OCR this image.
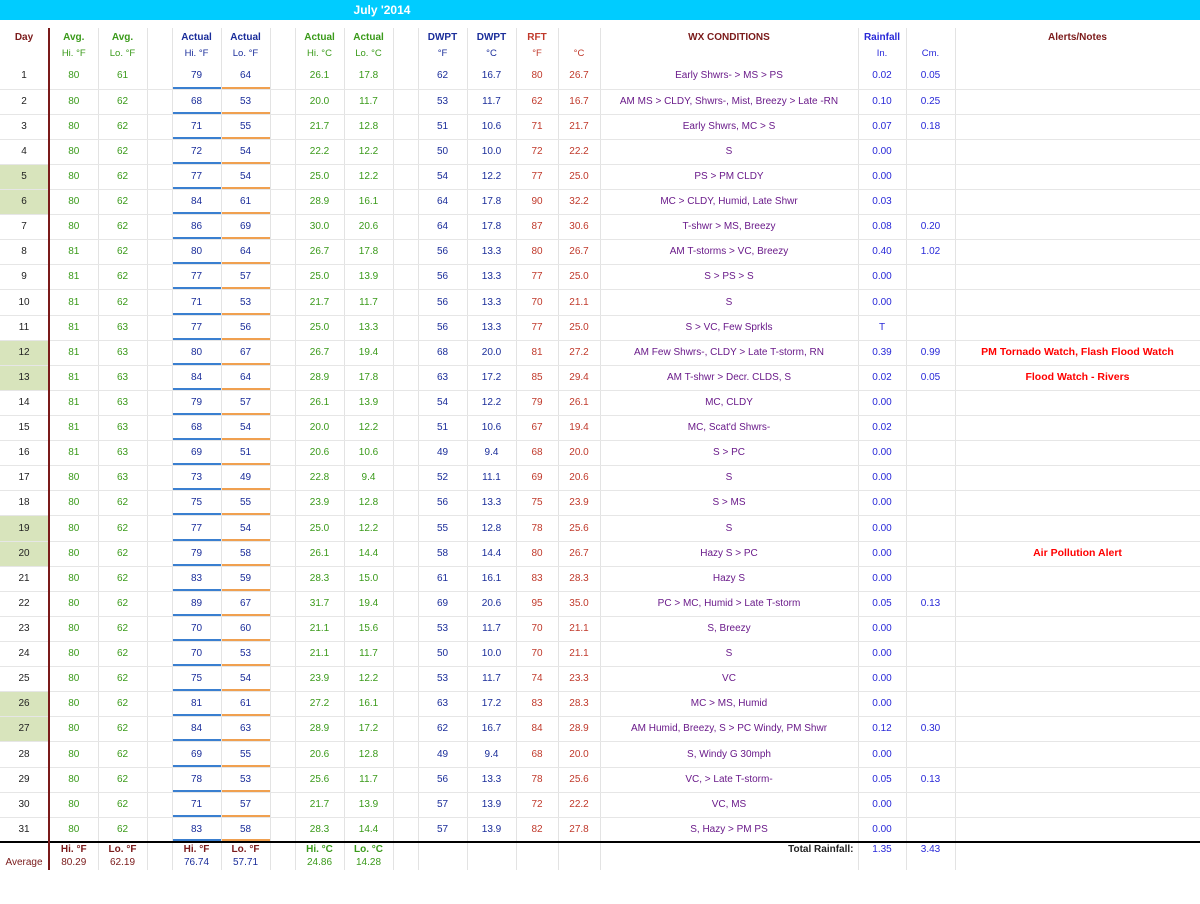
July '2014
Day	Avg.	Avg.		Actual	Actual		Actual	Actual		DWPT	DWPT	RFT		WX CONDITIONS	Rainfall		Alerts/Notes
	Hi. °F	Lo. °F		Hi. °F	Lo. °F		Hi. °C	Lo. °C		°F	°C	°F	°C		In.	Cm.	

1	80	61		79	64		26.1	17.8		62	16.7	80	26.7	Early Shwrs- > MS > PS	0.02	0.05	
2	80	62		68	53		20.0	11.7		53	11.7	62	16.7	AM MS > CLDY, Shwrs-, Mist, Breezy > Late -RN	0.10	0.25	
3	80	62		71	55		21.7	12.8		51	10.6	71	21.7	Early Shwrs, MC > S	0.07	0.18	
4	80	62		72	54		22.2	12.2		50	10.0	72	22.2	S	0.00		
5	80	62		77	54		25.0	12.2		54	12.2	77	25.0	PS > PM CLDY	0.00		
6	80	62		84	61		28.9	16.1		64	17.8	90	32.2	MC > CLDY, Humid, Late Shwr	0.03		
7	80	62		86	69		30.0	20.6		64	17.8	87	30.6	T-shwr > MS, Breezy	0.08	0.20	
8	81	62		80	64		26.7	17.8		56	13.3	80	26.7	AM T-storms > VC, Breezy	0.40	1.02	
9	81	62		77	57		25.0	13.9		56	13.3	77	25.0	S > PS > S	0.00		
10	81	62		71	53		21.7	11.7		56	13.3	70	21.1	S	0.00		
11	81	63		77	56		25.0	13.3		56	13.3	77	25.0	S > VC, Few Sprkls	T		
12	81	63		80	67		26.7	19.4		68	20.0	81	27.2	AM Few Shwrs-, CLDY > Late T-storm, RN	0.39	0.99	PM Tornado Watch, Flash Flood Watch
13	81	63		84	64		28.9	17.8		63	17.2	85	29.4	AM T-shwr > Decr. CLDS, S	0.02	0.05	Flood Watch - Rivers
14	81	63		79	57		26.1	13.9		54	12.2	79	26.1	MC, CLDY	0.00		
15	81	63		68	54		20.0	12.2		51	10.6	67	19.4	MC, Scat'd Shwrs-	0.02		
16	81	63		69	51		20.6	10.6		49	9.4	68	20.0	S > PC	0.00		
17	80	63		73	49		22.8	9.4		52	11.1	69	20.6	S	0.00		
18	80	62		75	55		23.9	12.8		56	13.3	75	23.9	S > MS	0.00		
19	80	62		77	54		25.0	12.2		55	12.8	78	25.6	S	0.00		
20	80	62		79	58		26.1	14.4		58	14.4	80	26.7	Hazy S > PC	0.00		Air Pollution Alert
21	80	62		83	59		28.3	15.0		61	16.1	83	28.3	Hazy S	0.00		
22	80	62		89	67		31.7	19.4		69	20.6	95	35.0	PC > MC, Humid > Late T-storm	0.05	0.13	
23	80	62		70	60		21.1	15.6		53	11.7	70	21.1	S, Breezy	0.00		
24	80	62		70	53		21.1	11.7		50	10.0	70	21.1	S	0.00		
25	80	62		75	54		23.9	12.2		53	11.7	74	23.3	VC	0.00		
26	80	62		81	61		27.2	16.1		63	17.2	83	28.3	MC > MS, Humid	0.00		
27	80	62		84	63		28.9	17.2		62	16.7	84	28.9	AM Humid, Breezy, S > PC Windy, PM Shwr	0.12	0.30	
28	80	62		69	55		20.6	12.8		49	9.4	68	20.0	S, Windy G 30mph	0.00		
29	80	62		78	53		25.6	11.7		56	13.3	78	25.6	VC, > Late T-storm-	0.05	0.13	
30	80	62		71	57		21.7	13.9		57	13.9	72	22.2	VC, MS	0.00		
31	80	62		83	58		28.3	14.4		57	13.9	82	27.8	S, Hazy > PM PS	0.00		
	Hi. °F	Lo. °F		Hi. °F	Lo. °F		Hi. °C	Lo. °C						Total Rainfall:	1.35	3.43	
Average	80.29	62.19		76.74	57.71		24.86	14.28									
